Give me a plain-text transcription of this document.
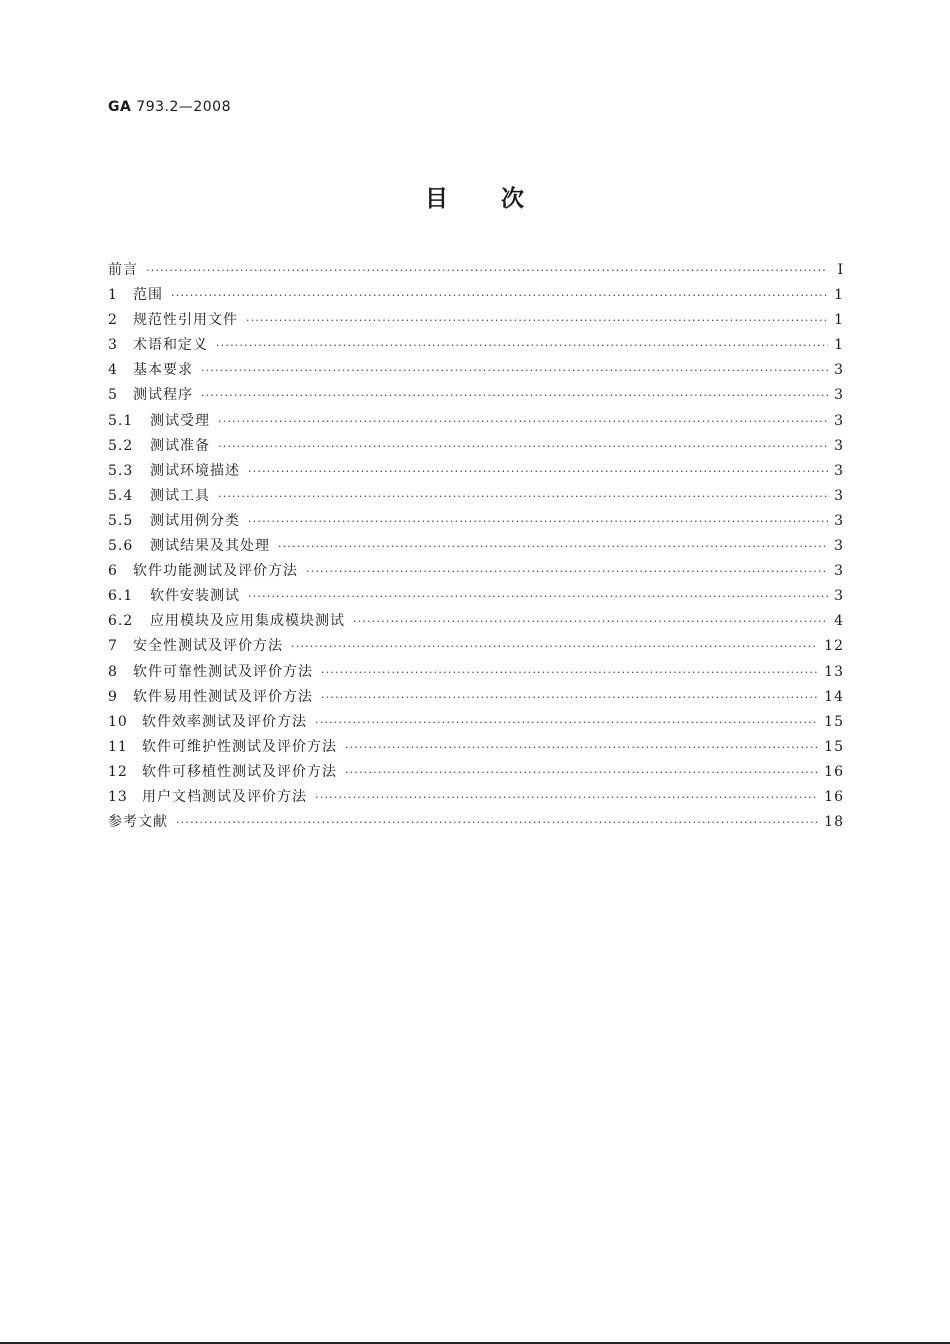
GA 793.2—2008
目 次
前言 ·····	Ⅰ
1	范围 ·····	1
2	规范性引用文件 ·····	1
3	术语和定义 ·····	1
4	基本要求 ·····	3
5	测试程序 ·····	3
5.1	测试受理 ·····	3
5.2	测试准备 ·····	3
5.3	测试环境描述 ·····	3
5.4	测试工具 ·····	3
5.5	测试用例分类 ·····	3
5.6	测试结果及其处理 ·····	3
6	软件功能测试及评价方法 ·····	3
6.1	软件安装测试 ·····	3
6.2	应用模块及应用集成模块测试 ·····	4
7	安全性测试及评价方法 ·····	12
8	软件可靠性测试及评价方法 ·····	13
9	软件易用性测试及评价方法 ·····	14
10	软件效率测试及评价方法 ·····	15
11	软件可维护性测试及评价方法 ·····	15
12	软件可移植性测试及评价方法 ·····	16
13	用户文档测试及评价方法 ·····	16
参考文献 ·····	18
